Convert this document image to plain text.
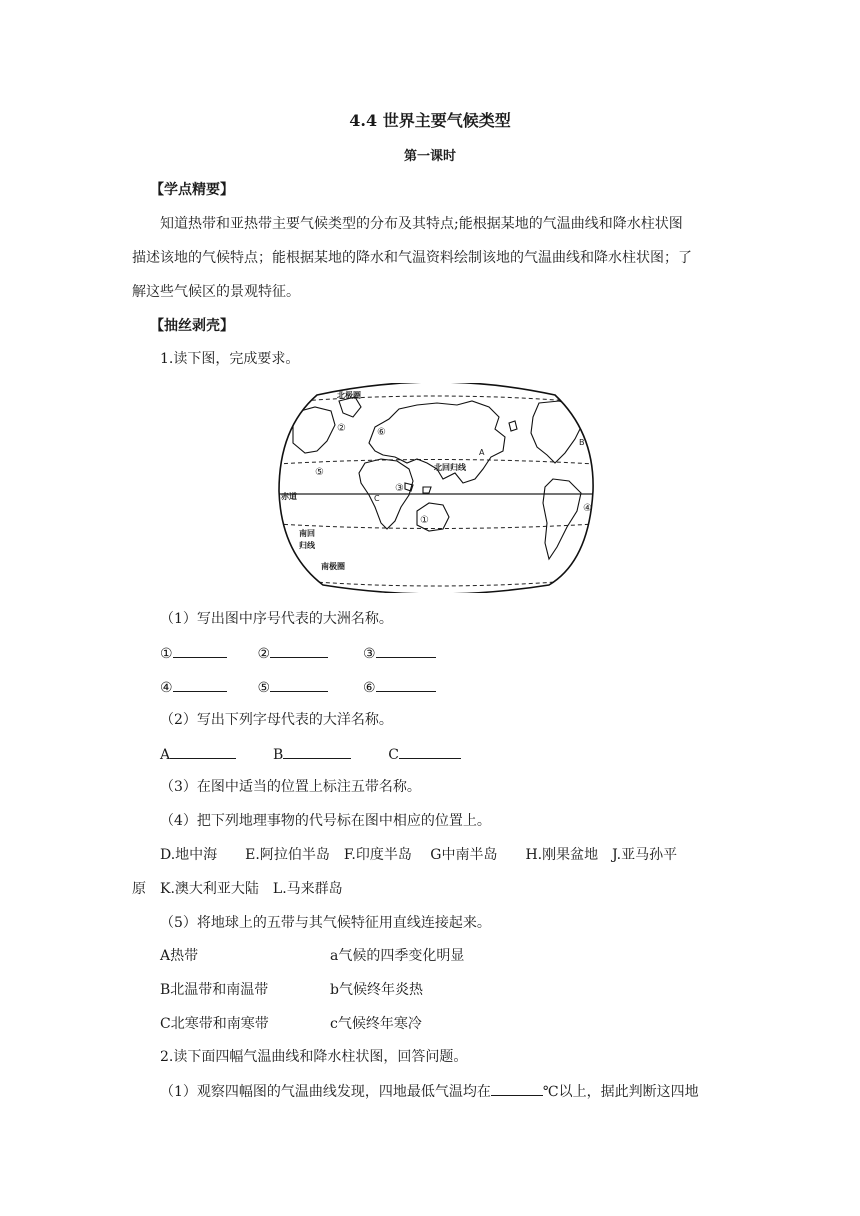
4.4 世界主要气候类型
第一课时
【学点精要】
知道热带和亚热带主要气候类型的分布及其特点;能根据某地的气温曲线和降水柱状图
描述该地的气候特点；能根据某地的降水和气温资料绘制该地的气温曲线和降水柱状图；了
解这些气候区的景观特征。
【抽丝剥壳】
1.读下图，完成要求。
北极圈
北回归线
赤道
南回
归线
南极圈
A
B
C
①
②
③
④
⑤
⑥
（1）写出图中序号代表的大洲名称。
①	②	③
④	⑤	⑥
（2）写出下列字母代表的大洋名称。
A	B	C
（3）在图中适当的位置上标注五带名称。
（4）把下列地理事物的代号标在图中相应的位置上。
D.地中海　　E.阿拉伯半岛　F.印度半岛　 G中南半岛　　H.刚果盆地　J.亚马孙平
原　K.澳大利亚大陆　L.马来群岛
（5）将地球上的五带与其气候特征用直线连接起来。
A热带	a气候的四季变化明显
B北温带和南温带	b气候终年炎热
C北寒带和南寒带	c气候终年寒冷
2.读下面四幅气温曲线和降水柱状图，回答问题。
（1）观察四幅图的气温曲线发现，四地最低气温均在	℃以上，据此判断这四地
